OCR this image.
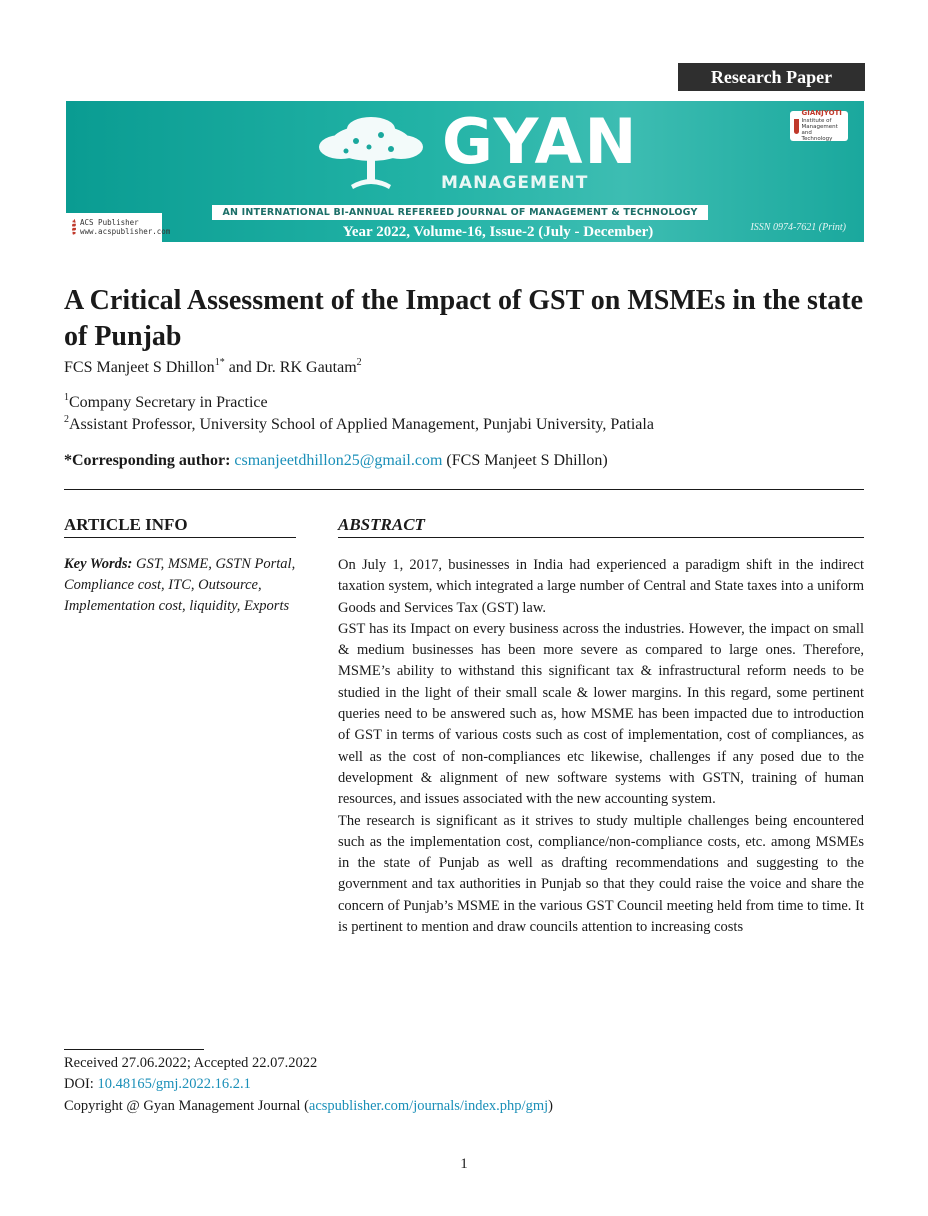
Research Paper
GYAN
MANAGEMENT
AN INTERNATIONAL BI-ANNUAL REFEREED JOURNAL OF MANAGEMENT & TECHNOLOGY
Year 2022, Volume-16, Issue-2 (July - December)	ISSN 0974-7621 (Print)
ACS Publisher
www.acspublisher.com
GIANJYOTI
Institute of Management and Technology
A Critical Assessment of the Impact of GST on MSMEs in the state of Punjab
FCS Manjeet S Dhillon$^{1*}$ and Dr. RK Gautam$^2$
$^1$Company Secretary in Practice
$^2$Assistant Professor, University School of Applied Management, Punjabi University, Patiala
*Corresponding author: csmanjeetdhillon25@gmail.com (FCS Manjeet S Dhillon)
ARTICLE INFO
Key Words: GST, MSME, GSTN Portal, Compliance cost, ITC, Outsource, Implementation cost, liquidity, Exports
ABSTRACT

On July 1, 2017, businesses in India had experienced a paradigm shift in the indirect taxation system, which integrated a large number of Central and State taxes into a uniform Goods and Services Tax (GST) law.

GST has its Impact on every business across the industries. However, the impact on small & medium businesses has been more severe as compared to large ones. Therefore, MSME’s ability to withstand this significant tax & infrastructural reform needs to be studied in the light of their small scale & lower margins. In this regard, some pertinent queries need to be answered such as, how MSME has been impacted due to introduction of GST in terms of various costs such as cost of implementation, cost of compliances, as well as the cost of non-compliances etc likewise, challenges if any posed due to the development & alignment of new software systems with GSTN, training of human resources, and issues associated with the new accounting system.

The research is significant as it strives to study multiple challenges being encountered such as the implementation cost, compliance/non-compliance costs, etc. among MSMEs in the state of Punjab as well as drafting recommendations and suggesting to the government and tax authorities in Punjab so that they could raise the voice and share the concern of Punjab’s MSME in the various GST Council meeting held from time to time. It is pertinent to mention and draw councils attention to increasing costs

Received 27.06.2022; Accepted 22.07.2022
DOI: 10.48165/gmj.2022.16.2.1
Copyright @ Gyan Management Journal (acspublisher.com/journals/index.php/gmj)
1
